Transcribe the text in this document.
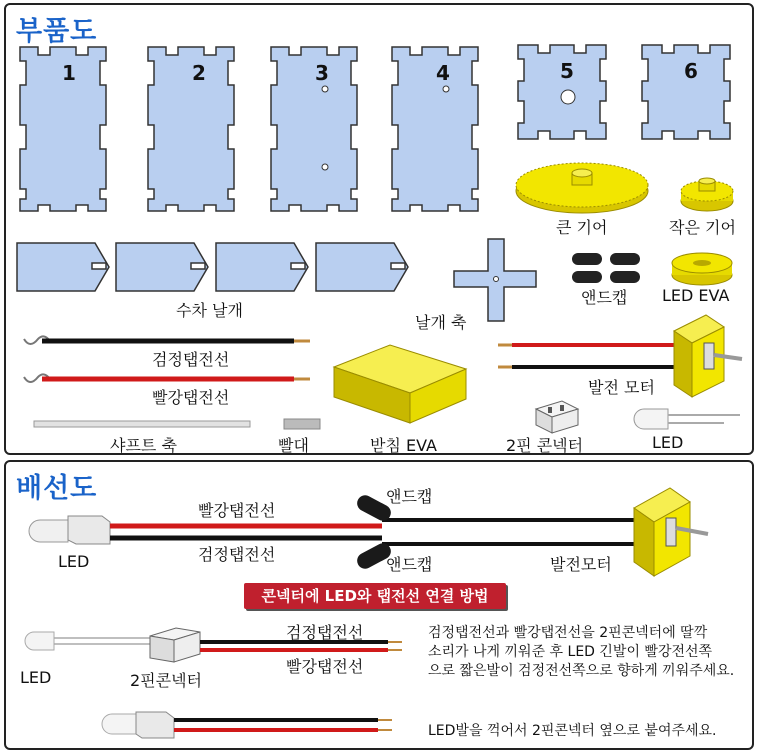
부품도
1	2	3	4	5	6
큰 기어	작은 기어
수차 날개
날개 축
앤드캡 LED EVA
검정탭전선
빨강탭전선
발전 모터
샤프트 축	빨대	받침 EVA	2핀 콘넥터	LED
배선도
빨강탭전선
검정탭전선
앤드캡
앤드캡
LED	발전모터
콘넥터에 LED와 탭전선 연결 방법
검정탭전선
빨강탭전선
LED	2핀콘넥터
검정탭전선과 빨강탭전선을 2핀콘넥터에 딸깍
소리가 나게 끼워준 후 LED 긴발이 빨강전선쪽
으로 짧은발이 검정전선쪽으로 향하게 끼워주세요.
LED발을 꺽어서 2핀콘넥터 옆으로 붙여주세요.
